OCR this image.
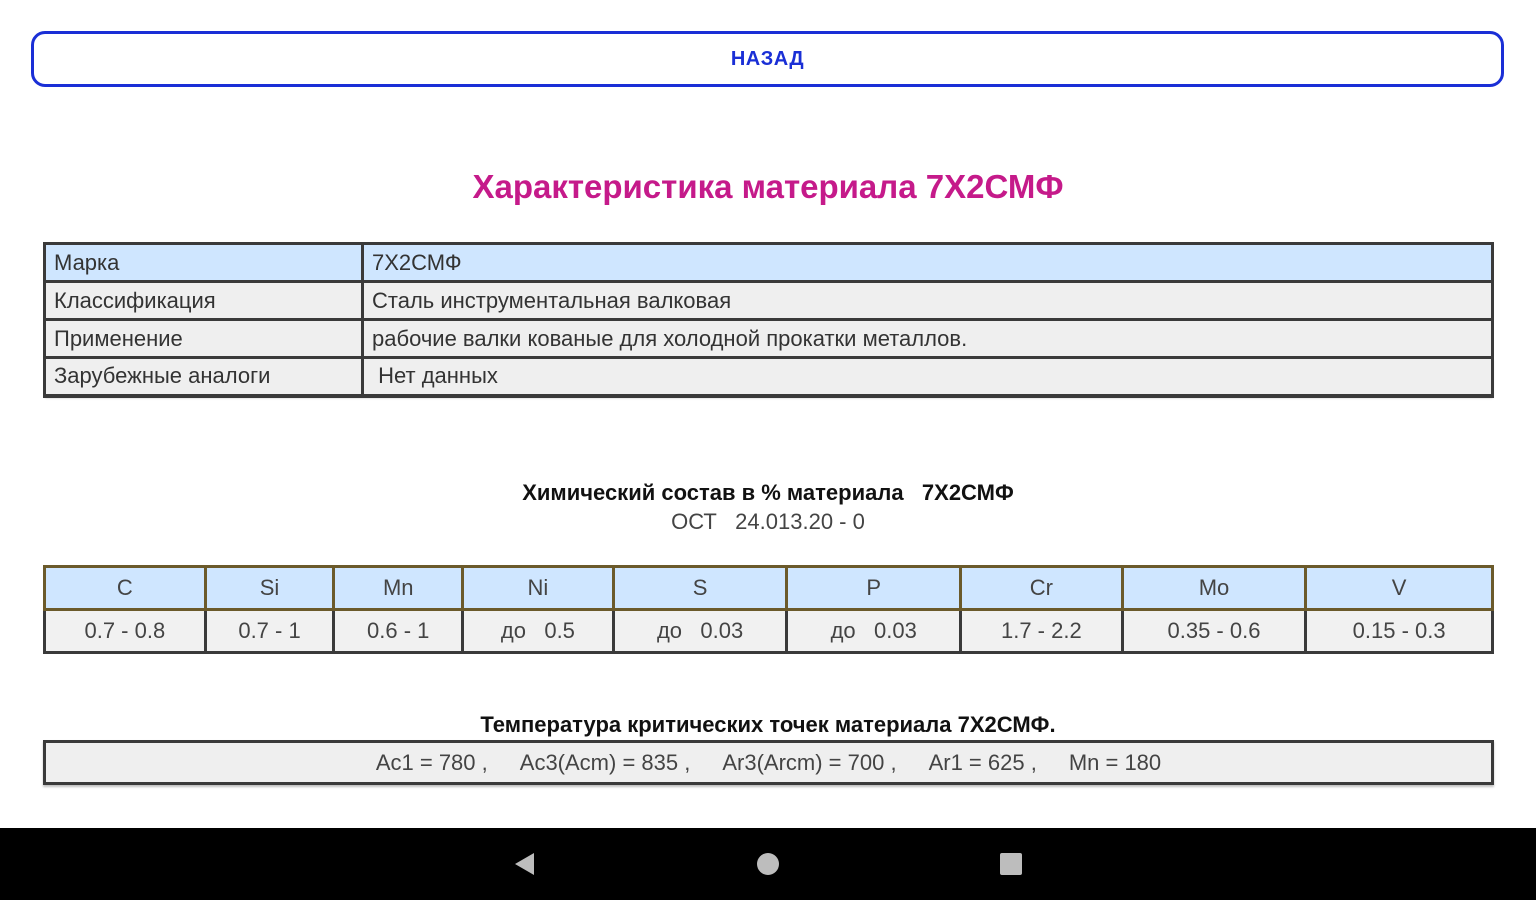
НАЗАД
Характеристика материала 7Х2СМФ
Марка	7Х2СМФ
Классификация	Сталь инструментальная валковая
Применение	рабочие валки кованые для холодной прокатки металлов.
Зарубежные аналоги	Нет данных
Химический состав в % материала   7Х2СМФ
ОСТ   24.013.20 - 0
C	Si	Mn	Ni	S	P	Cr	Mo	V
0.7 - 0.8	0.7 - 1	0.6 - 1	до   0.5	до   0.03	до   0.03	1.7 - 2.2	0.35 - 0.6	0.15 - 0.3
Температура критических точек материала 7Х2СМФ.
Ac1 = 780 , Ac3(Acm) = 835 , Ar3(Arcm) = 700 , Ar1 = 625 , Mn = 180
